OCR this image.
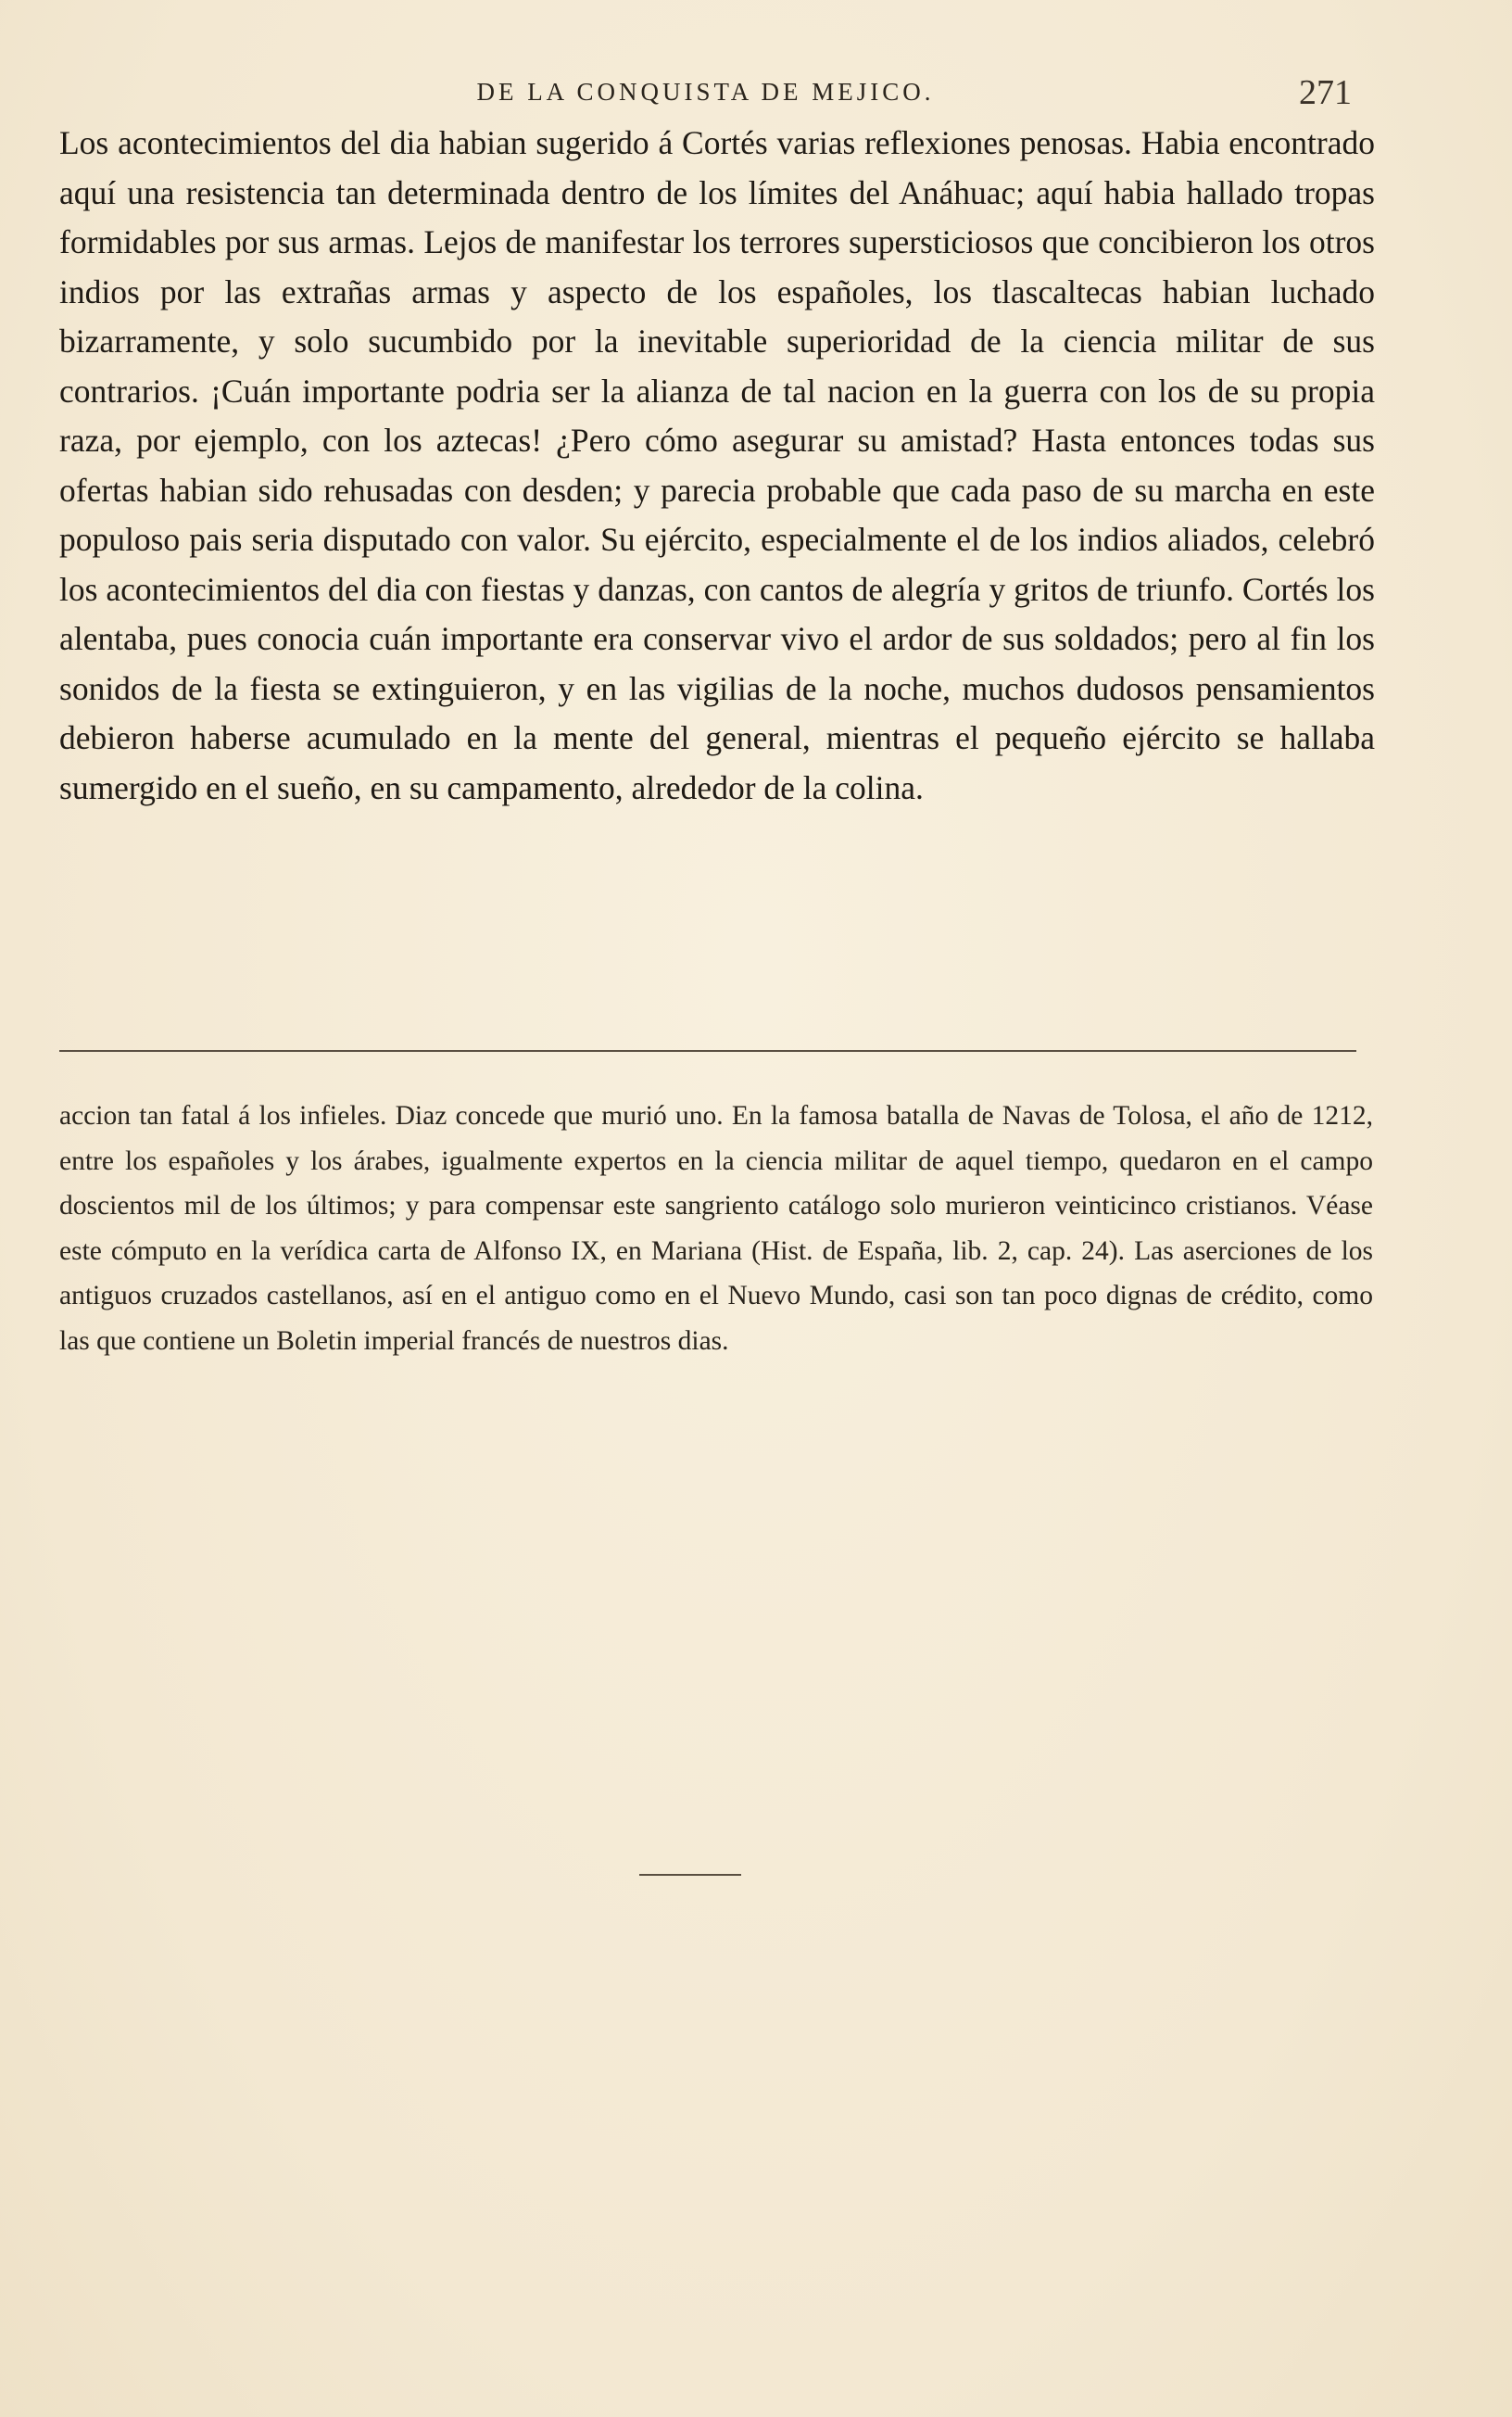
DE LA CONQUISTA DE MEJICO.	271

Los acontecimientos del dia habian sugerido á Cortés varias reflexiones penosas. Habia encontrado aquí una resistencia tan determinada dentro de los límites del Anáhuac; aquí habia hallado tropas formidables por sus armas. Lejos de manifestar los terrores supersticiosos que concibieron los otros indios por las extrañas armas y aspecto de los españoles, los tlascaltecas habian luchado bizarramente, y solo sucumbido por la inevitable superioridad de la ciencia militar de sus contrarios. ¡Cuán importante podria ser la alianza de tal nacion en la guerra con los de su propia raza, por ejemplo, con los aztecas! ¿Pero cómo asegurar su amistad? Hasta entonces todas sus ofertas habian sido rehusadas con desden; y parecia probable que cada paso de su marcha en este populoso pais seria disputado con valor. Su ejército, especialmente el de los indios aliados, celebró los acontecimientos del dia con fiestas y danzas, con cantos de alegría y gritos de triunfo. Cortés los alentaba, pues conocia cuán importante era conservar vivo el ardor de sus soldados; pero al fin los sonidos de la fiesta se extinguieron, y en las vigilias de la noche, muchos dudosos pensamientos debieron haberse acumulado en la mente del general, mientras el pequeño ejército se hallaba sumergido en el sueño, en su campamento, alrededor de la colina.

accion tan fatal á los infieles. Diaz concede que murió uno. En la famosa batalla de Navas de Tolosa, el año de 1212, entre los españoles y los árabes, igualmente expertos en la ciencia militar de aquel tiempo, quedaron en el campo doscientos mil de los últimos; y para compensar este sangriento catálogo solo murieron veinticinco cristianos. Véase este cómputo en la verídica carta de Alfonso IX, en Mariana (Hist. de España, lib. 2, cap. 24). Las aserciones de los antiguos cruzados castellanos, así en el antiguo como en el Nuevo Mundo, casi son tan poco dignas de crédito, como las que contiene un Boletin imperial francés de nuestros dias.
